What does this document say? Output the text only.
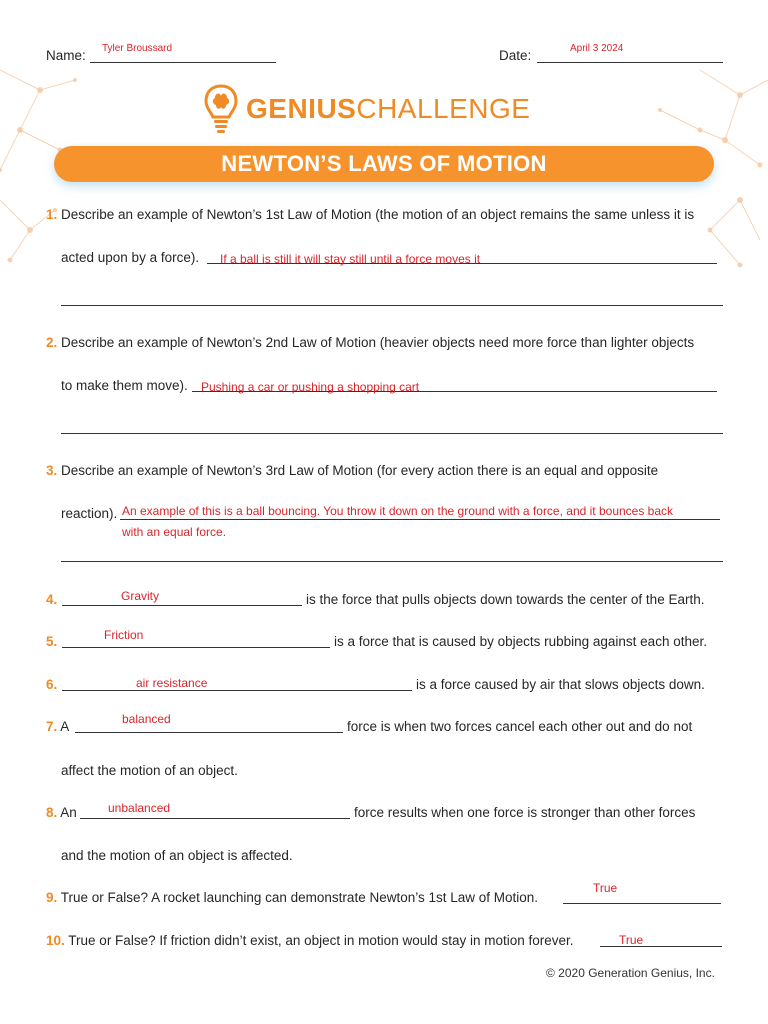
Name: Tyler Broussard	Date:	April 3 2024
GENIUSCHALLENGE
NEWTON’S LAWS OF MOTION
1. Describe an example of Newton’s 1st Law of Motion (the motion of an object remains the same unless it is
acted upon by a force). If a ball is still it will stay still until a force moves it
2. Describe an example of Newton’s 2nd Law of Motion (heavier objects need more force than lighter objects
to make them move). Pushing a car or pushing a shopping cart
3. Describe an example of Newton’s 3rd Law of Motion (for every action there is an equal and opposite
reaction). An example of this is a ball bouncing. You throw it down on the ground with a force, and it bounces back
with an equal force.
4.	Gravity	is the force that pulls objects down towards the center of the Earth.
5.	Friction	is a force that is caused by objects rubbing against each other.
6.	air resistance	is a force caused by air that slows objects down.
7. A	balanced	force is when two forces cancel each other out and do not
affect the motion of an object.
8. An	unbalanced	force results when one force is stronger than other forces
and the motion of an object is affected.
9. True or False? A rocket launching can demonstrate Newton’s 1st Law of Motion.
True
10. True or False? If friction didn’t exist, an object in motion would stay in motion forever.	True
© 2020 Generation Genius, Inc.
